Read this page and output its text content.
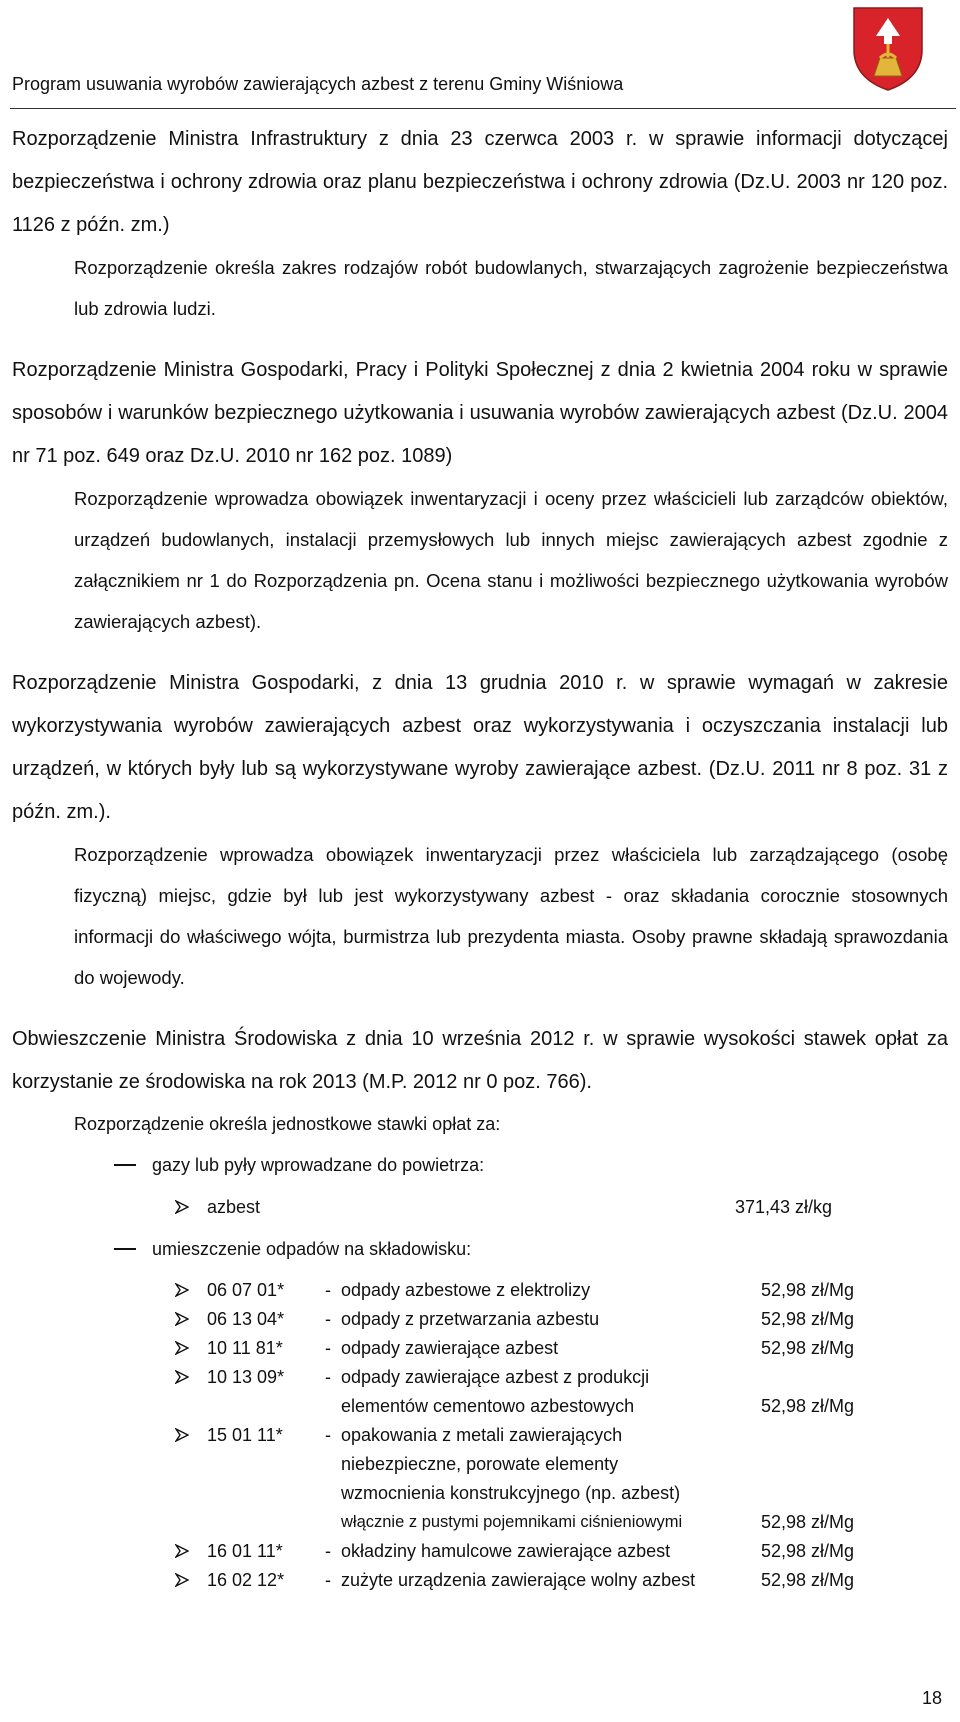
Program usuwania wyrobów zawierających azbest z terenu Gminy Wiśniowa

Rozporządzenie Ministra Infrastruktury z dnia 23 czerwca 2003 r. w sprawie informacji dotyczącej bezpieczeństwa i ochrony zdrowia oraz planu bezpieczeństwa i ochrony zdrowia (Dz.U. 2003 nr 120 poz. 1126 z późn. zm.)

Rozporządzenie określa zakres rodzajów robót budowlanych, stwarzających zagrożenie bezpieczeństwa lub zdrowia ludzi.

Rozporządzenie Ministra Gospodarki, Pracy i Polityki Społecznej z dnia 2 kwietnia 2004 roku w sprawie sposobów i warunków bezpiecznego użytkowania i usuwania wyrobów zawierających azbest (Dz.U. 2004 nr 71 poz. 649 oraz Dz.U. 2010 nr 162 poz. 1089)

Rozporządzenie wprowadza obowiązek inwentaryzacji i oceny przez właścicieli lub zarządców obiektów, urządzeń budowlanych, instalacji przemysłowych lub innych miejsc zawierających azbest zgodnie z załącznikiem nr 1 do Rozporządzenia pn. Ocena stanu i możliwości bezpiecznego użytkowania wyrobów zawierających azbest).

Rozporządzenie Ministra Gospodarki, z dnia 13 grudnia 2010 r. w sprawie wymagań w zakresie wykorzystywania wyrobów zawierających azbest oraz wykorzystywania i oczyszczania instalacji lub urządzeń, w których były lub są wykorzystywane wyroby zawierające azbest. (Dz.U. 2011 nr 8 poz. 31 z późn. zm.).

Rozporządzenie wprowadza obowiązek inwentaryzacji przez właściciela lub zarządzającego (osobę fizyczną) miejsc, gdzie był lub jest wykorzystywany azbest - oraz składania corocznie stosownych informacji do właściwego wójta, burmistrza lub prezydenta miasta. Osoby prawne składają sprawozdania do wojewody.

Obwieszczenie Ministra Środowiska z dnia 10 września 2012 r. w sprawie wysokości stawek opłat za korzystanie ze środowiska na rok 2013 (M.P. 2012 nr 0 poz. 766).

Rozporządzenie określa jednostkowe stawki opłat za:
gazy lub pyły wprowadzane do powietrza:
azbest	371,43 zł/kg
umieszczenie odpadów na składowisku:
	06 07 01*	-	odpady azbestowe z elektrolizy	52,98 zł/Mg
	06 13 04*	-	odpady z przetwarzania azbestu	52,98 zł/Mg
	10 11 81*	-	odpady zawierające azbest	52,98 zł/Mg
	10 13 09*	-	odpady zawierające azbest z produkcji
elementów cementowo azbestowych	52,98 zł/Mg
	15 01 11*	-	opakowania z metali zawierających
niebezpieczne, porowate elementy
wzmocnienia konstrukcyjnego (np. azbest)
włącznie z pustymi pojemnikami ciśnieniowymi	52,98 zł/Mg
	16 01 11*	-	okładziny hamulcowe zawierające azbest	52,98 zł/Mg
	16 02 12*	-	zużyte urządzenia zawierające wolny azbest	52,98 zł/Mg
18
